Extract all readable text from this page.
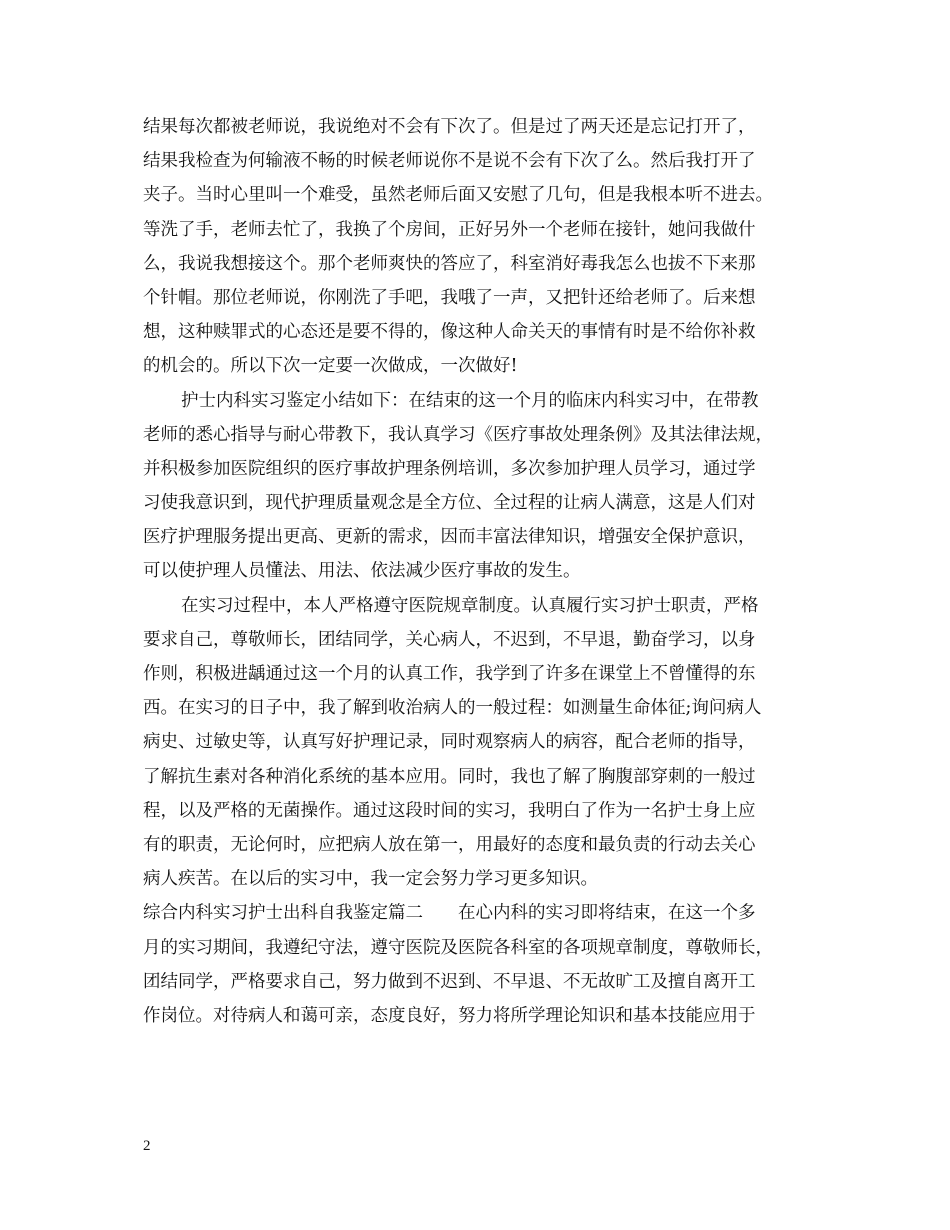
结果每次都被老师说，我说绝对不会有下次了。但是过了两天还是忘记打开了，
结果我检查为何输液不畅的时候老师说你不是说不会有下次了么。然后我打开了
夹子。当时心里叫一个难受，虽然老师后面又安慰了几句，但是我根本听不进去。
等洗了手，老师去忙了，我换了个房间，正好另外一个老师在接针，她问我做什
么，我说我想接这个。那个老师爽快的答应了，科室消好毒我怎么也拔不下来那
个针帽。那位老师说，你刚洗了手吧，我哦了一声，又把针还给老师了。后来想
想，这种赎罪式的心态还是要不得的，像这种人命关天的事情有时是不给你补救
的机会的。所以下次一定要一次做成，一次做好!
护士内科实习鉴定小结如下：在结束的这一个月的临床内科实习中，在带教
老师的悉心指导与耐心带教下，我认真学习《医疗事故处理条例》及其法律法规，
并积极参加医院组织的医疗事故护理条例培训，多次参加护理人员学习，通过学
习使我意识到，现代护理质量观念是全方位、全过程的让病人满意，这是人们对
医疗护理服务提出更高、更新的需求，因而丰富法律知识，增强安全保护意识，
可以使护理人员懂法、用法、依法减少医疗事故的发生。
在实习过程中，本人严格遵守医院规章制度。认真履行实习护士职责，严格
要求自己，尊敬师长，团结同学，关心病人，不迟到，不早退，勤奋学习，以身
作则，积极进龋通过这一个月的认真工作，我学到了许多在课堂上不曾懂得的东
西。在实习的日子中，我了解到收治病人的一般过程：如测量生命体征;询问病人
病史、过敏史等，认真写好护理记录，同时观察病人的病容，配合老师的指导，
了解抗生素对各种消化系统的基本应用。同时，我也了解了胸腹部穿刺的一般过
程，以及严格的无菌操作。通过这段时间的实习，我明白了作为一名护士身上应
有的职责，无论何时，应把病人放在第一，用最好的态度和最负责的行动去关心
病人疾苦。在以后的实习中，我一定会努力学习更多知识。
综合内科实习护士出科自我鉴定篇二　　在心内科的实习即将结束，在这一个多
月的实习期间，我遵纪守法，遵守医院及医院各科室的各项规章制度，尊敬师长，
团结同学，严格要求自己，努力做到不迟到、不早退、不无故旷工及擅自离开工
作岗位。对待病人和蔼可亲，态度良好，努力将所学理论知识和基本技能应用于
2
